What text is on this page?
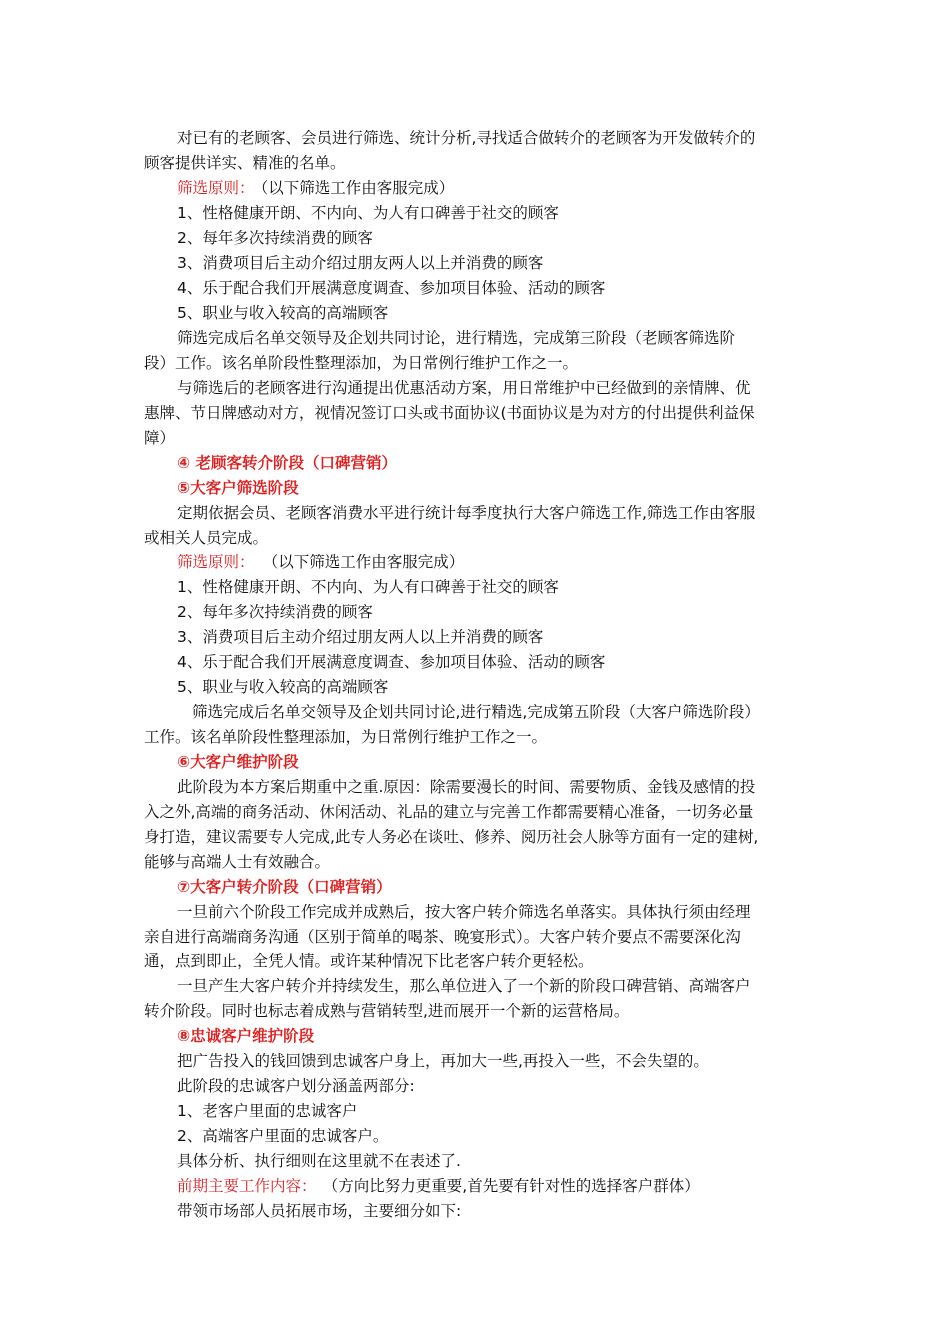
对已有的老顾客、会员进行筛选、统计分析,寻找适合做转介的老顾客为开发做转介的
顾客提供详实、精准的名单。
筛选原则： （以下筛选工作由客服完成）
1、性格健康开朗、不内向、为人有口碑善于社交的顾客
2、每年多次持续消费的顾客
3、消费项目后主动介绍过朋友两人以上并消费的顾客
4、乐于配合我们开展满意度调查、参加项目体验、活动的顾客
5、职业与收入较高的高端顾客
筛选完成后名单交领导及企划共同讨论，进行精选，完成第三阶段（老顾客筛选阶
段）工作。该名单阶段性整理添加，为日常例行维护工作之一。
与筛选后的老顾客进行沟通提出优惠活动方案，用日常维护中已经做到的亲情牌、优
惠牌、节日牌感动对方，视情况签订口头或书面协议(书面协议是为对方的付出提供利益保
障）
④ 老顾客转介阶段（口碑营销）
⑤大客户筛选阶段
定期依据会员、老顾客消费水平进行统计每季度执行大客户筛选工作,筛选工作由客服
或相关人员完成。
筛选原则： （以下筛选工作由客服完成）
1、性格健康开朗、不内向、为人有口碑善于社交的顾客
2、每年多次持续消费的顾客
3、消费项目后主动介绍过朋友两人以上并消费的顾客
4、乐于配合我们开展满意度调查、参加项目体验、活动的顾客
5、职业与收入较高的高端顾客
筛选完成后名单交领导及企划共同讨论,进行精选,完成第五阶段（大客户筛选阶段）
工作。该名单阶段性整理添加，为日常例行维护工作之一。
⑥大客户维护阶段
此阶段为本方案后期重中之重.原因：除需要漫长的时间、需要物质、金钱及感情的投
入之外,高端的商务活动、休闲活动、礼品的建立与完善工作都需要精心准备，一切务必量
身打造，建议需要专人完成,此专人务必在谈吐、修养、阅历社会人脉等方面有一定的建树,
能够与高端人士有效融合。
⑦大客户转介阶段（口碑营销）
一旦前六个阶段工作完成并成熟后，按大客户转介筛选名单落实。具体执行须由经理
亲自进行高端商务沟通（区别于简单的喝茶、晚宴形式）。大客户转介要点不需要深化沟
通，点到即止，全凭人情。或许某种情况下比老客户转介更轻松。
一旦产生大客户转介并持续发生，那么单位进入了一个新的阶段口碑营销、高端客户
转介阶段。同时也标志着成熟与营销转型,进而展开一个新的运营格局。
⑧忠诚客户维护阶段
把广告投入的钱回馈到忠诚客户身上，再加大一些,再投入一些，不会失望的。
此阶段的忠诚客户划分涵盖两部分:
1、老客户里面的忠诚客户
2、高端客户里面的忠诚客户。
具体分析、执行细则在这里就不在表述了.
前期主要工作内容： （方向比努力更重要,首先要有针对性的选择客户群体）
带领市场部人员拓展市场，主要细分如下:
